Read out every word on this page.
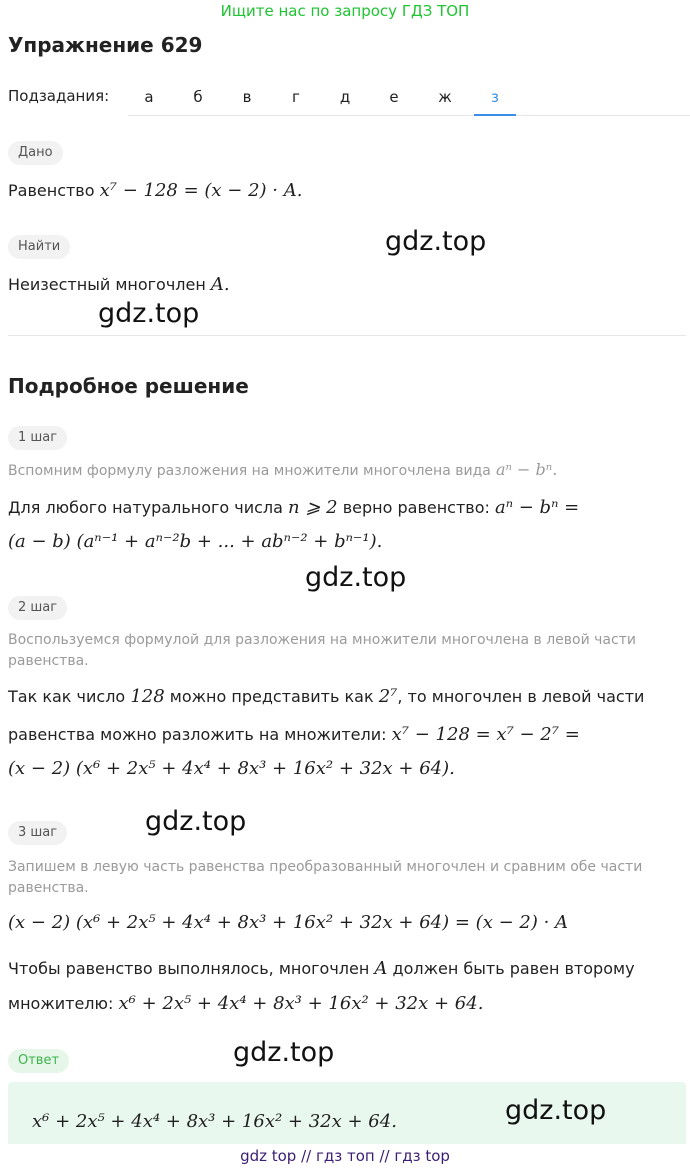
Ищите нас по запросу ГДЗ ТОП
Упражнение 629
Подзадания:	а	б	в	г	д	е	ж	з
Дано
Равенство x⁷ − 128 = (x − 2) · A.
Найти
Неизестный многочлен A.
Подробное решение
1 шаг
Вспомним формулу разложения на множители многочлена вида aⁿ − bⁿ.
Для любого натурального числа n ⩾ 2 верно равенство: aⁿ − bⁿ =
(a − b) (aⁿ⁻¹ + aⁿ⁻²b + ... + abⁿ⁻² + bⁿ⁻¹).
2 шаг
Воспользуемся формулой для разложения на множители многочлена в левой части
равенства.
Так как число 128 можно представить как 2⁷, то многочлен в левой части
равенства можно разложить на множители: x⁷ − 128 = x⁷ − 2⁷ =
(x − 2) (x⁶ + 2x⁵ + 4x⁴ + 8x³ + 16x² + 32x + 64).
3 шаг
Запишем в левую часть равенства преобразованный многочлен и сравним обе части
равенства.
(x − 2) (x⁶ + 2x⁵ + 4x⁴ + 8x³ + 16x² + 32x + 64) = (x − 2) · A
Чтобы равенство выполнялось, многочлен A должен быть равен второму
множителю: x⁶ + 2x⁵ + 4x⁴ + 8x³ + 16x² + 32x + 64.
Ответ
x⁶ + 2x⁵ + 4x⁴ + 8x³ + 16x² + 32x + 64.
gdz.top
gdz.top
gdz.top
gdz.top
gdz.top
gdz.top
gdz top // гдз топ // гдз top
